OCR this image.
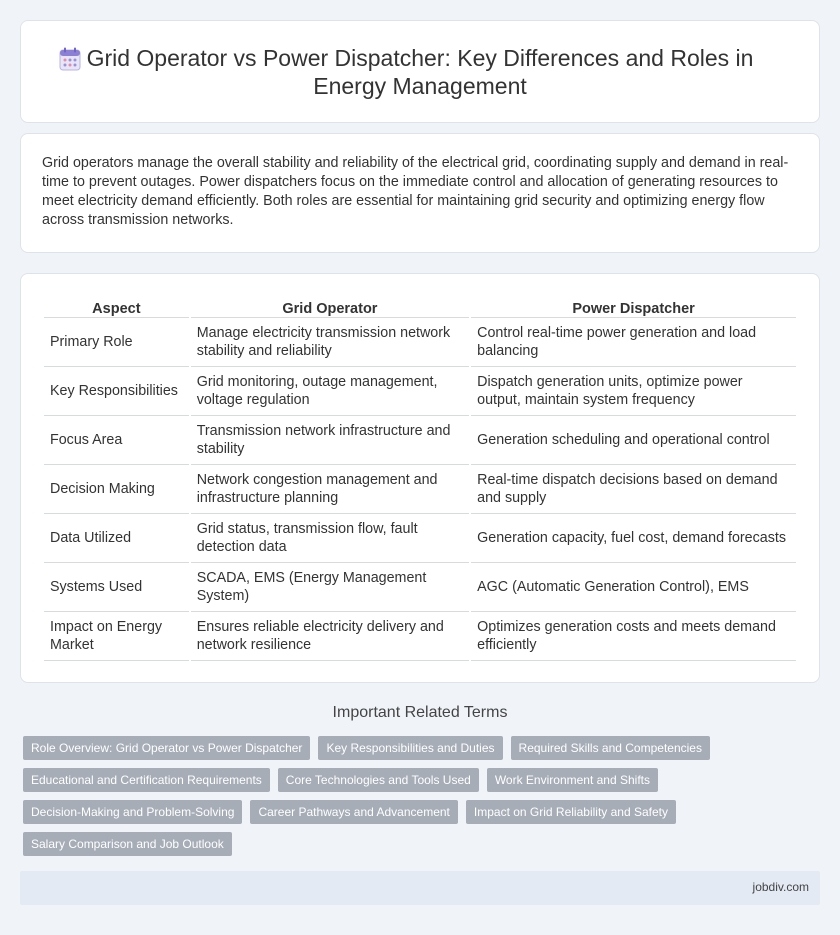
Grid Operator vs Power Dispatcher: Key Differences and Roles in Energy Management

Grid operators manage the overall stability and reliability of the electrical grid, coordinating supply and demand in real-time to prevent outages. Power dispatchers focus on the immediate control and allocation of generating resources to meet electricity demand efficiently. Both roles are essential for maintaining grid security and optimizing energy flow across transmission networks.

Aspect	Grid Operator	Power Dispatcher
Primary Role	Manage electricity transmission network stability and reliability	Control real-time power generation and load balancing
Key Responsibilities	Grid monitoring, outage management, voltage regulation	Dispatch generation units, optimize power output, maintain system frequency
Focus Area	Transmission network infrastructure and stability	Generation scheduling and operational control
Decision Making	Network congestion management and infrastructure planning	Real-time dispatch decisions based on demand and supply
Data Utilized	Grid status, transmission flow, fault detection data	Generation capacity, fuel cost, demand forecasts
Systems Used	SCADA, EMS (Energy Management System)	AGC (Automatic Generation Control), EMS
Impact on Energy Market	Ensures reliable electricity delivery and network resilience	Optimizes generation costs and meets demand efficiently
Important Related Terms
Role Overview: Grid Operator vs Power Dispatcher	Key Responsibilities and Duties	Required Skills and Competencies
Educational and Certification Requirements	Core Technologies and Tools Used	Work Environment and Shifts
Decision-Making and Problem-Solving	Career Pathways and Advancement	Impact on Grid Reliability and Safety
Salary Comparison and Job Outlook
jobdiv.com
